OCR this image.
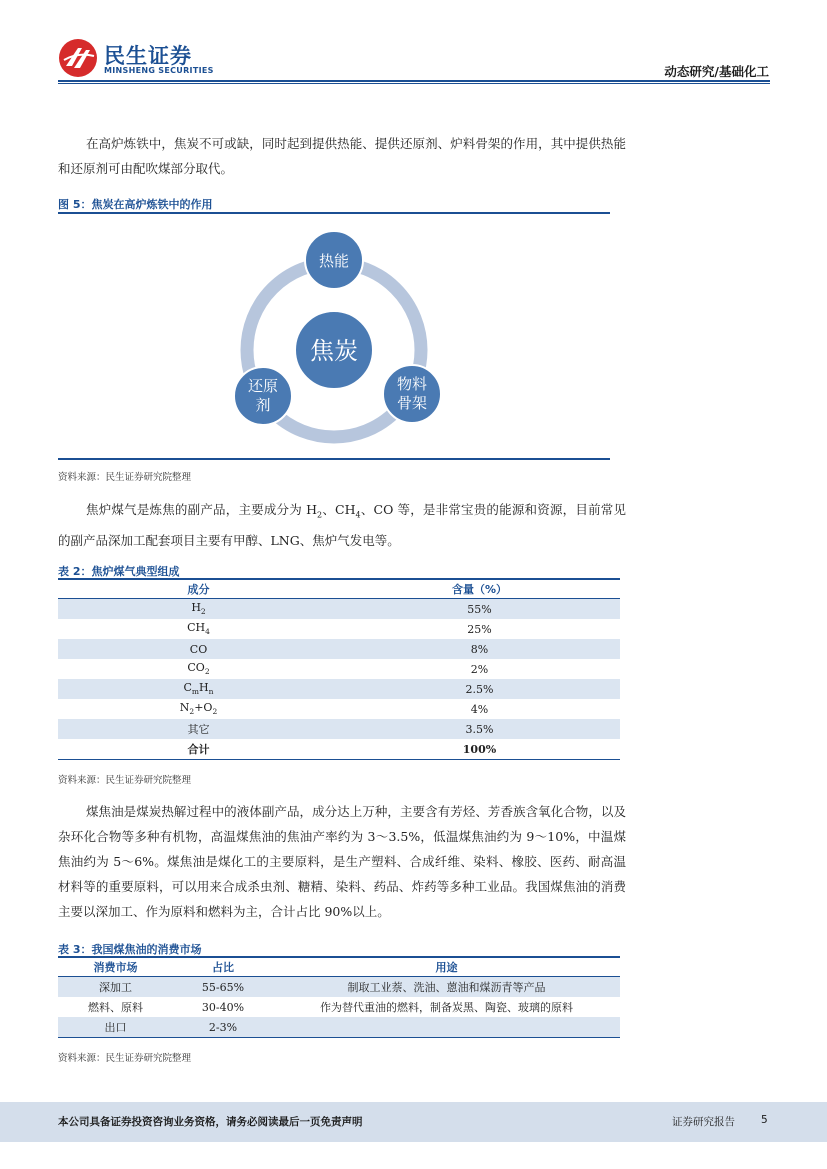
民生证券
MINSHENG SECURITIES	动态研究/基础化工

在高炉炼铁中，焦炭不可或缺，同时起到提供热能、提供还原剂、炉料骨架的作用，其中提供热能和还原剂可由配吹煤部分取代。

图 5：焦炭在高炉炼铁中的作用
焦炭
热能
还原
剂
物料
骨架
资料来源：民生证券研究院整理

焦炉煤气是炼焦的副产品，主要成分为 $H_2$、$CH_4$、CO 等，是非常宝贵的能源和资源，目前常见的副产品深加工配套项目主要有甲醇、LNG、焦炉气发电等。

表 2：焦炉煤气典型组成
成分	含量（%）
$H_2$	55%
$CH_4$	25%
CO	8%
$CO_2$	2%
$C_mH_n$	2.5%
$N_2+O_2$	4%
其它	3.5%
合计	100%
资料来源：民生证券研究院整理

煤焦油是煤炭热解过程中的液体副产品，成分达上万种，主要含有芳烃、芳香族含氧化合物，以及杂环化合物等多种有机物，高温煤焦油的焦油产率约为 3～3.5%，低温煤焦油约为 9～10%，中温煤焦油约为 5～6%。煤焦油是煤化工的主要原料，是生产塑料、合成纤维、染料、橡胶、医药、耐高温材料等的重要原料，可以用来合成杀虫剂、糖精、染料、药品、炸药等多种工业品。我国煤焦油的消费主要以深加工、作为原料和燃料为主，合计占比 90%以上。

表 3：我国煤焦油的消费市场
消费市场	占比	用途
深加工	55-65%	制取工业萘、洗油、蒽油和煤沥青等产品
燃料、原料	30-40%	作为替代重油的燃料，制备炭黑、陶瓷、玻璃的原料
出口	2-3%	
资料来源：民生证券研究院整理
本公司具备证券投资咨询业务资格，请务必阅读最后一页免责声明	证券研究报告 5
